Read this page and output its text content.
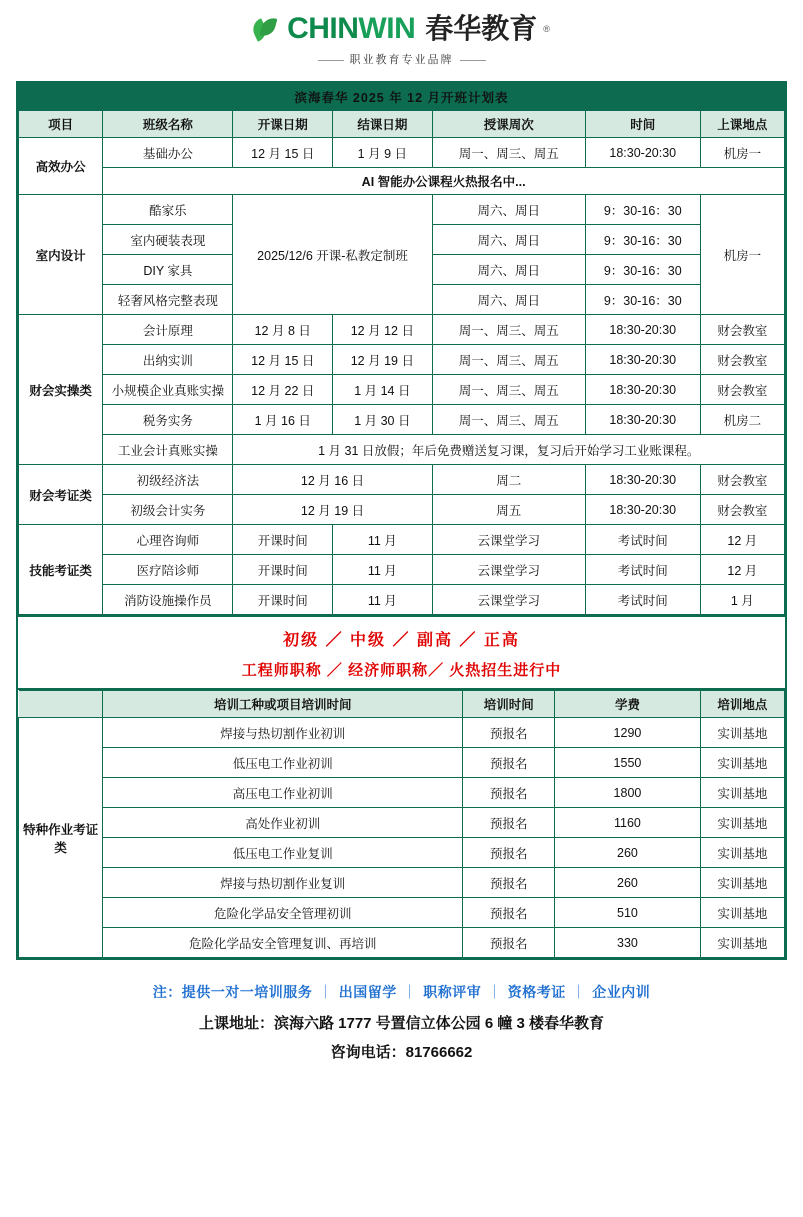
CHINWIN 春华教育 ®
职业教育专业品牌
滨海春华 2025 年 12 月开班计划表						
项目	班级名称	开课日期	结课日期	授课周次	时间	上课地点
高效办公	基础办公	12 月 15 日	1 月 9 日	周一、周三、周五	18:30-20:30	机房一
	AI 智能办公课程火热报名中...					
室内设计	酷家乐	2025/12/6 开课-私教定制班		周六、周日	9：30-16：30	机房一
	室内硬装表现			周六、周日	9：30-16：30	
	DIY 家具			周六、周日	9：30-16：30	
	轻奢风格完整表现			周六、周日	9：30-16：30	
财会实操类	会计原理	12 月 8 日	12 月 12 日	周一、周三、周五	18:30-20:30	财会教室
	出纳实训	12 月 15 日	12 月 19 日	周一、周三、周五	18:30-20:30	财会教室
	小规模企业真账实操	12 月 22 日	1 月 14 日	周一、周三、周五	18:30-20:30	财会教室
	税务实务	1 月 16 日	1 月 30 日	周一、周三、周五	18:30-20:30	机房二
	工业会计真账实操	1 月 31 日放假；年后免费赠送复习课，复习后开始学习工业账课程。				
财会考证类	初级经济法	12 月 16 日		周二	18:30-20:30	财会教室
	初级会计实务	12 月 19 日		周五	18:30-20:30	财会教室
技能考证类	心理咨询师	开课时间	11 月	云课堂学习	考试时间	12 月
	医疗陪诊师	开课时间	11 月	云课堂学习	考试时间	12 月
	消防设施操作员	开课时间	11 月	云课堂学习	考试时间	1 月
初级 ／ 中级 ／ 副高 ／ 正高
工程师职称 ／ 经济师职称／ 火热招生进行中
	培训工种或项目培训时间	培训时间	学费	培训地点
特种作业考证类	焊接与热切割作业初训	预报名	1290	实训基地
	低压电工作业初训	预报名	1550	实训基地
	高压电工作业初训	预报名	1800	实训基地
	高处作业初训	预报名	1160	实训基地
	低压电工作业复训	预报名	260	实训基地
	焊接与热切割作业复训	预报名	260	实训基地
	危险化学品安全管理初训	预报名	510	实训基地
	危险化学品安全管理复训、再培训	预报名	330	实训基地
注：提供一对一培训服务 ｜ 出国留学 ｜ 职称评审 ｜ 资格考证 ｜ 企业内训
上课地址：滨海六路 1777 号置信立体公园 6 幢 3 楼春华教育
咨询电话：81766662
